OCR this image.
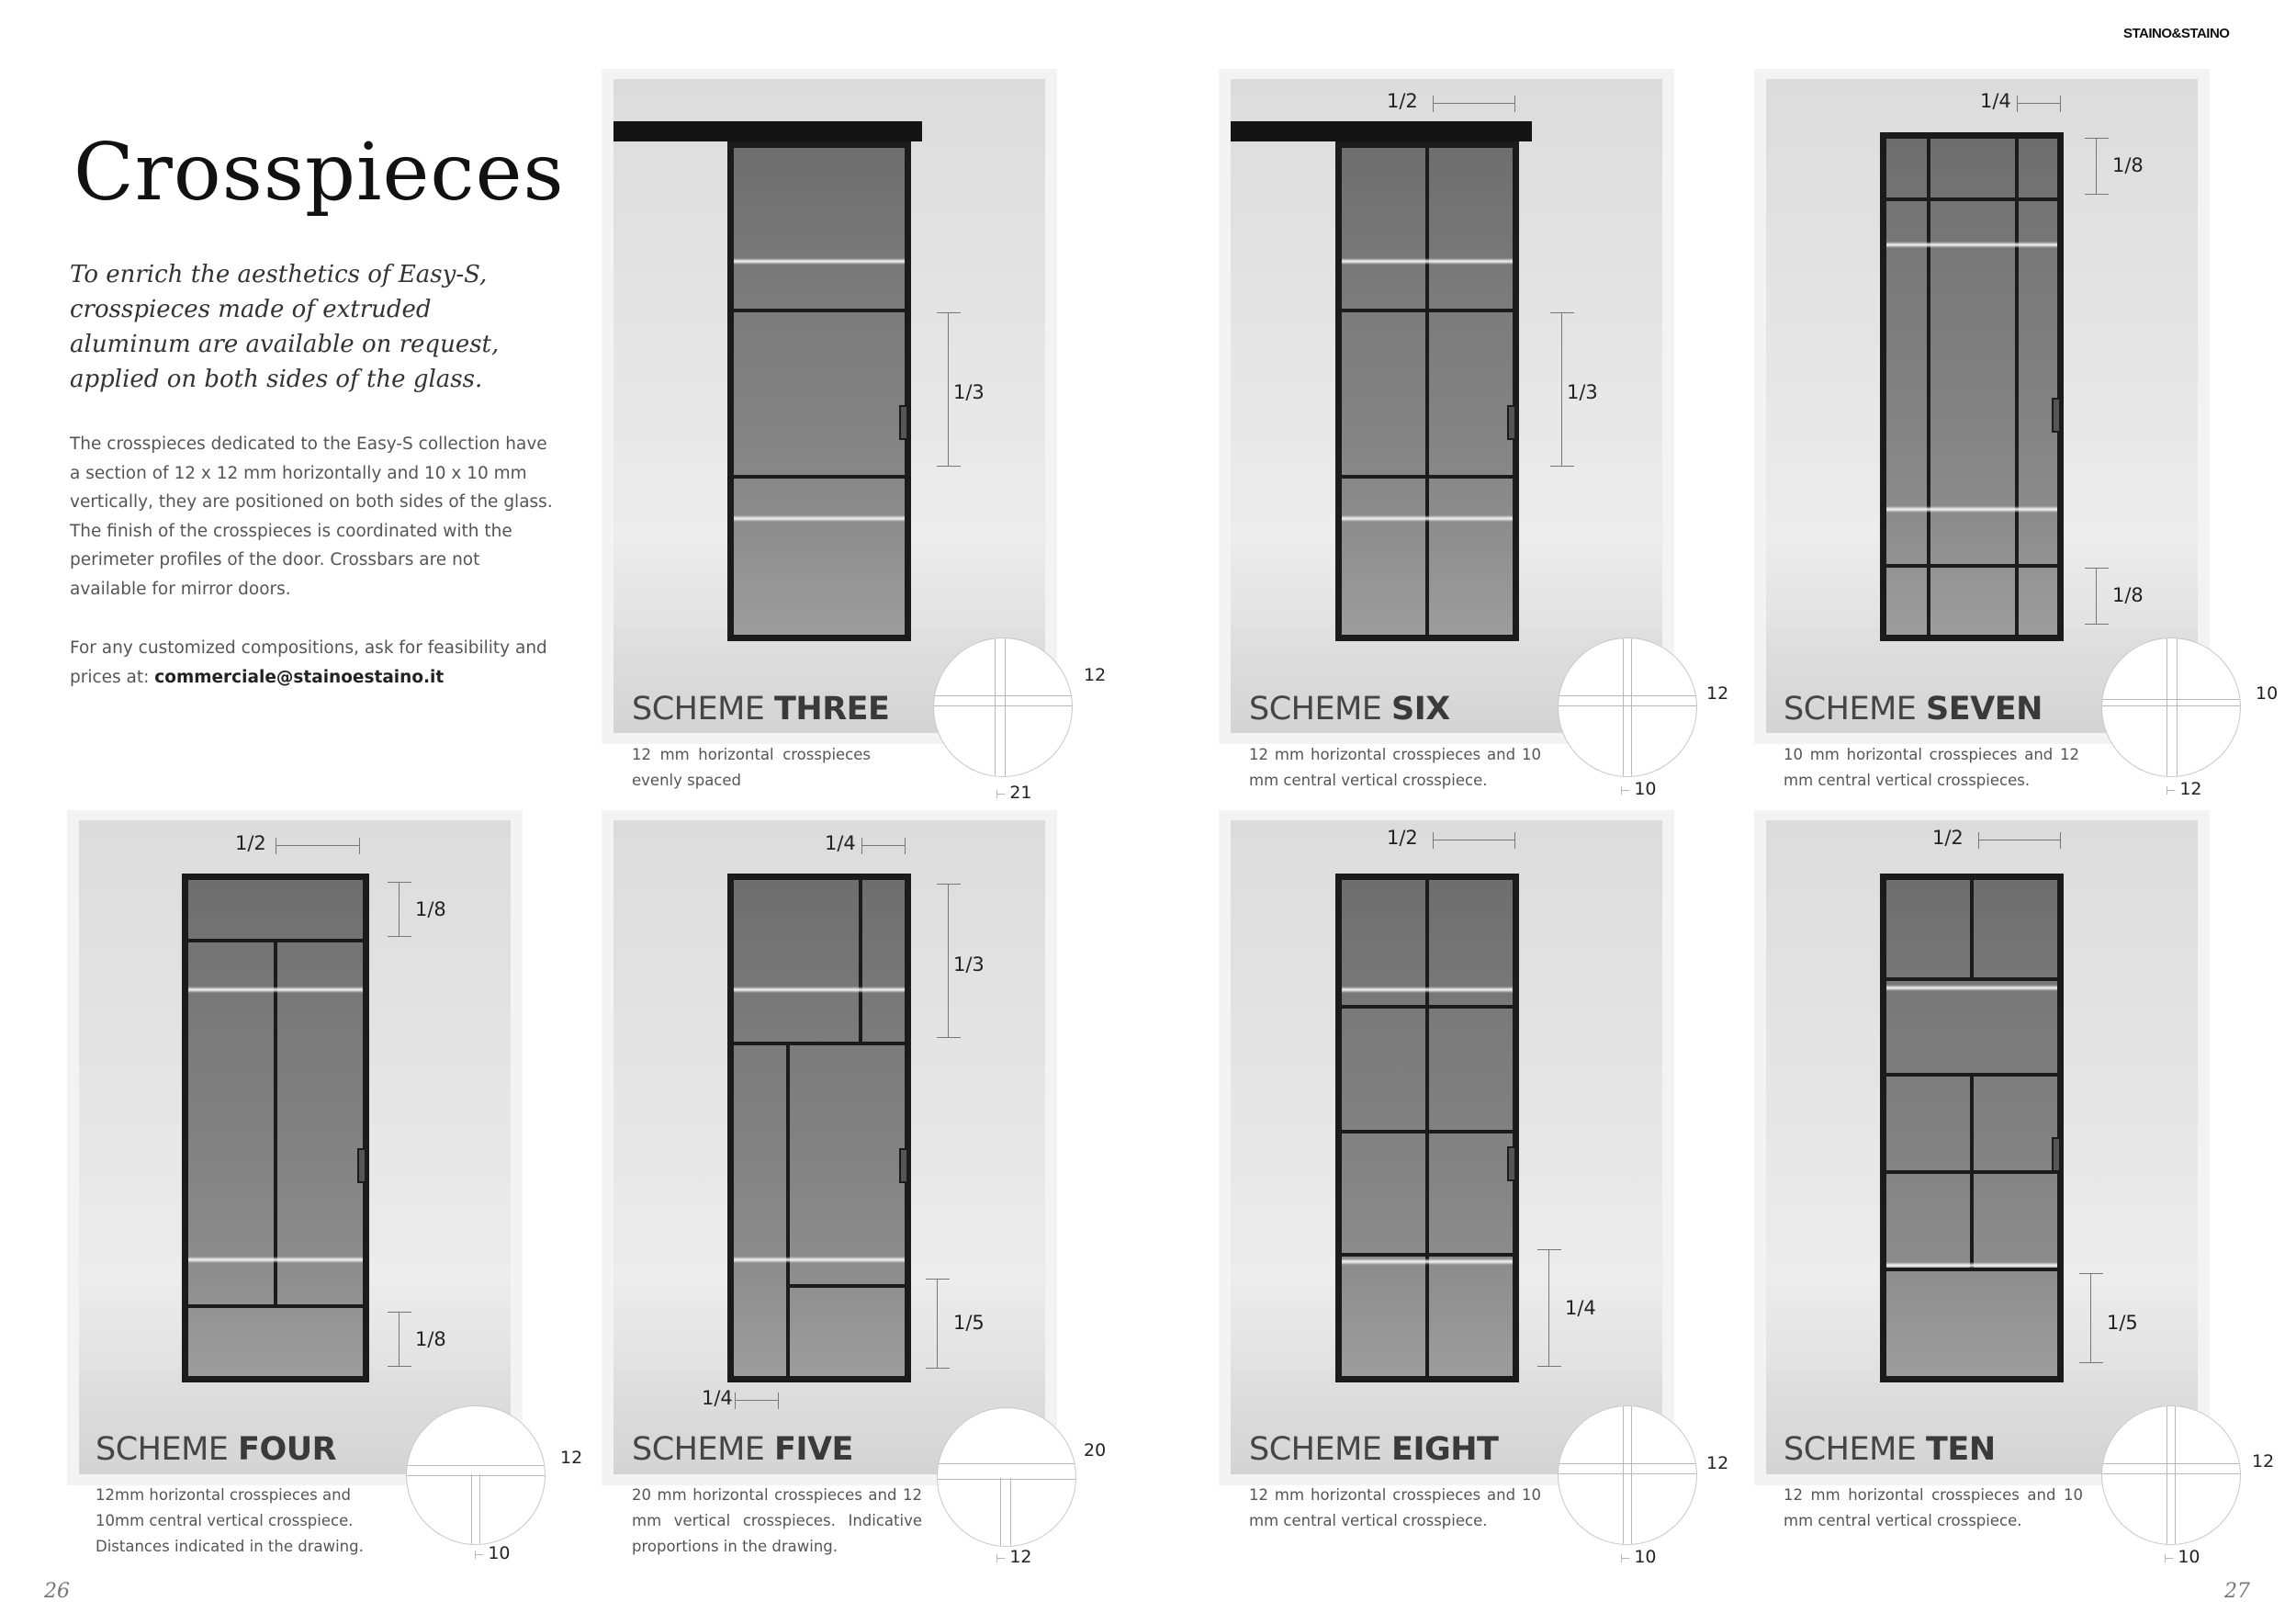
STAINO&STAINO
Crosspieces
To enrich the aesthetics of Easy-S, crosspieces made of extruded aluminum are available on request, applied on both sides of the glass.
The crosspieces dedicated to the Easy-S collection have a section of 12 x 12 mm horizontally and 10 x 10 mm vertically, they are positioned on both sides of the glass. The finish of the crosspieces is coordinated with the perimeter profiles of the door. Crossbars are not available for mirror doors.
For any customized compositions, ask for feasibility and prices at: commerciale@stainoestaino.it
26	27
1/3
SCHEME THREE
12 mm horizontal crosspieces evenly spaced
12
⊢ 21
1/2
1/3
SCHEME SIX
12 mm horizontal crosspieces and 10 mm central vertical crosspiece.
12
⊢ 10
1/4
1/8
1/8
SCHEME SEVEN
10 mm horizontal crosspieces and 12 mm central vertical crosspieces.
10
⊢ 12
1/2
1/8
1/8
SCHEME FOUR
12mm horizontal crosspieces and 10mm central vertical crosspiece. Distances indicated in the drawing.
12
⊢ 10
1/4
1/3
1/5
1/4
SCHEME FIVE
20 mm horizontal crosspieces and 12 mm vertical crosspieces. Indicative proportions in the drawing.
20
⊢ 12
1/2
1/4
SCHEME EIGHT
12 mm horizontal crosspieces and 10 mm central vertical crosspiece.
12
⊢ 10
1/2
1/5
SCHEME TEN
12 mm horizontal crosspieces and 10 mm central vertical crosspiece.
12
⊢ 10
